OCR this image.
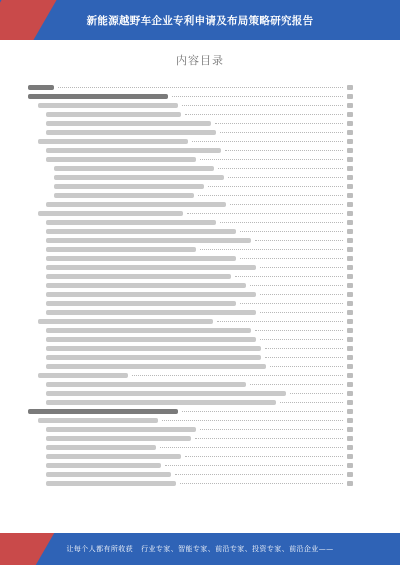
新能源越野车企业专利申请及布局策略研究报告
内容目录
让每个人都有所收获 行业专家、智能专家、前沿专家、投资专家、前沿企业——
